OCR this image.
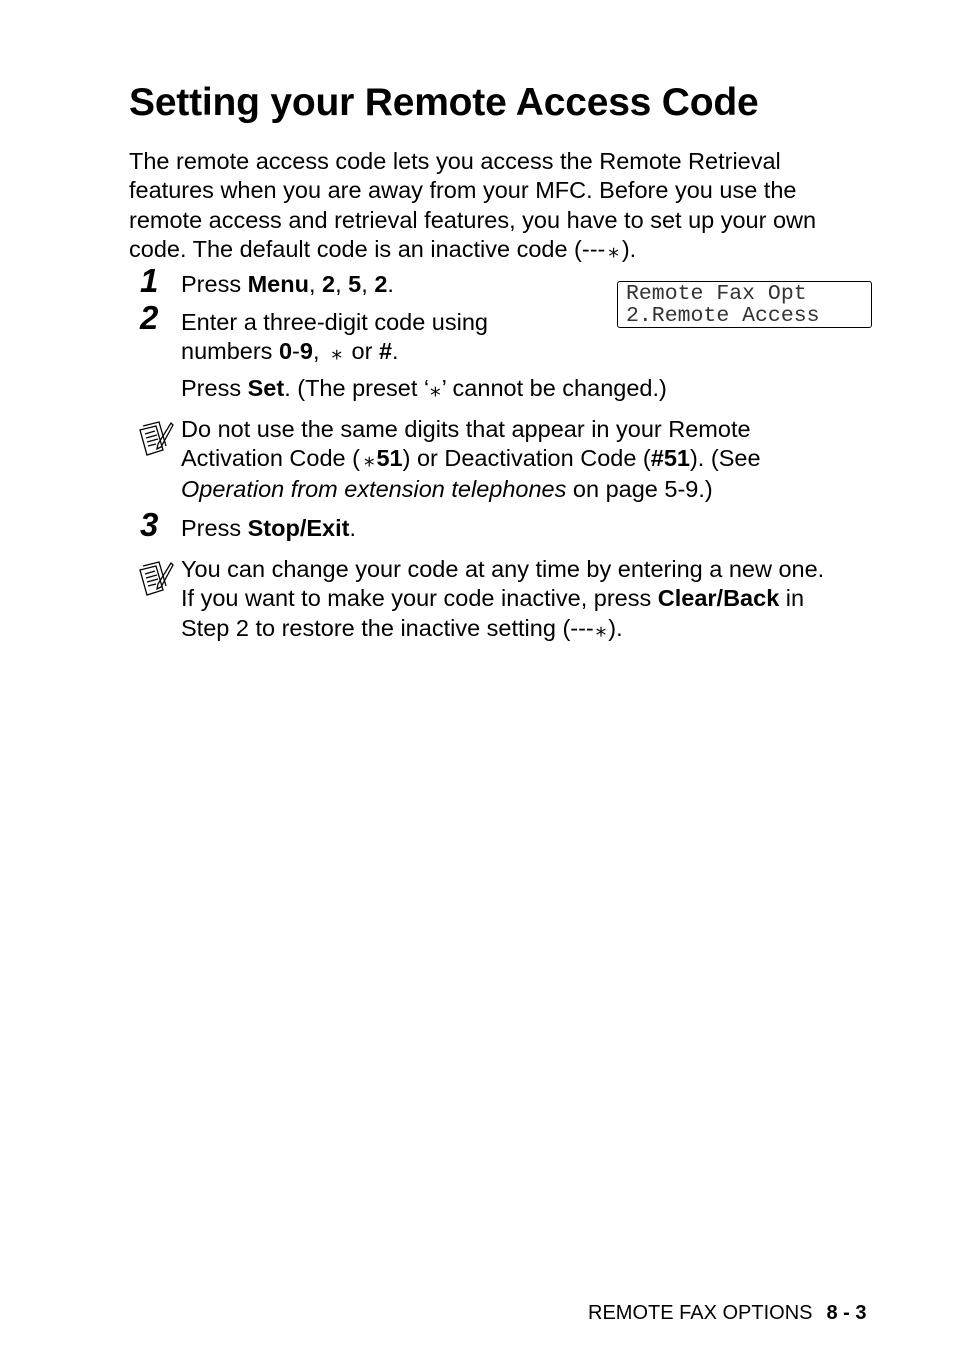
Setting your Remote Access Code
The remote access code lets you access the Remote Retrieval
features when you are away from your MFC. Before you use the
remote access and retrieval features, you have to set up your own
code. The default code is an inactive code (--- ⁎ ).
1 Press Menu, 2, 5, 2.	Remote Fax Opt
2.Remote Access
2 Enter a three-digit code using
numbers 0-9, ⁎ or #.
Press Set. (The preset ‘⁎’ cannot be changed.)
Do not use the same digits that appear in your Remote
Activation Code ( ⁎51) or Deactivation Code (#51). (See
Operation from extension telephones on page 5-9.)
3 Press Stop/Exit.
You can change your code at any time by entering a new one.
If you want to make your code inactive, press Clear/Back in
Step 2 to restore the inactive setting (---⁎).
REMOTE FAX OPTIONS 8 - 3
